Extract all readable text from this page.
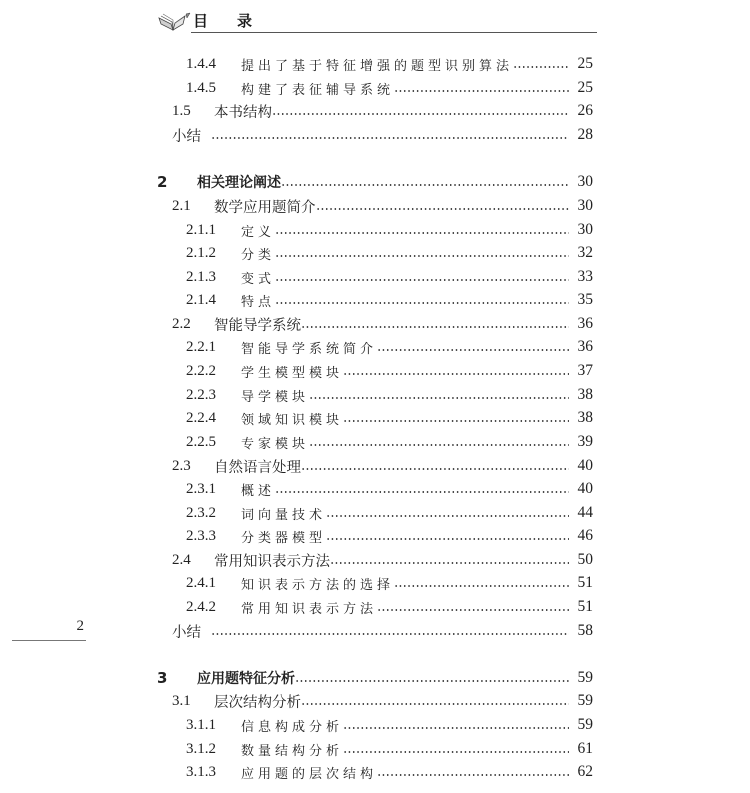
目 录
1.4.4	提出了基于特征增强的题型识别算法	25
1.4.5	构建了表征辅导系统	25
1.5	本书结构	26
小结	28
2	相关理论阐述	30
2.1	数学应用题简介	30
2.1.1	定义	30
2.1.2	分类	32
2.1.3	变式	33
2.1.4	特点	35
2.2	智能导学系统	36
2.2.1	智能导学系统简介	36
2.2.2	学生模型模块	37
2.2.3	导学模块	38
2.2.4	领域知识模块	38
2.2.5	专家模块	39
2.3	自然语言处理	40
2.3.1	概述	40
2.3.2	词向量技术	44
2.3.3	分类器模型	46
2.4	常用知识表示方法	50
2.4.1	知识表示方法的选择	51
2.4.2	常用知识表示方法	51
小结	58
3	应用题特征分析	59
3.1	层次结构分析	59
3.1.1	信息构成分析	59
3.1.2	数量结构分析	61
3.1.3	应用题的层次结构	62
2
